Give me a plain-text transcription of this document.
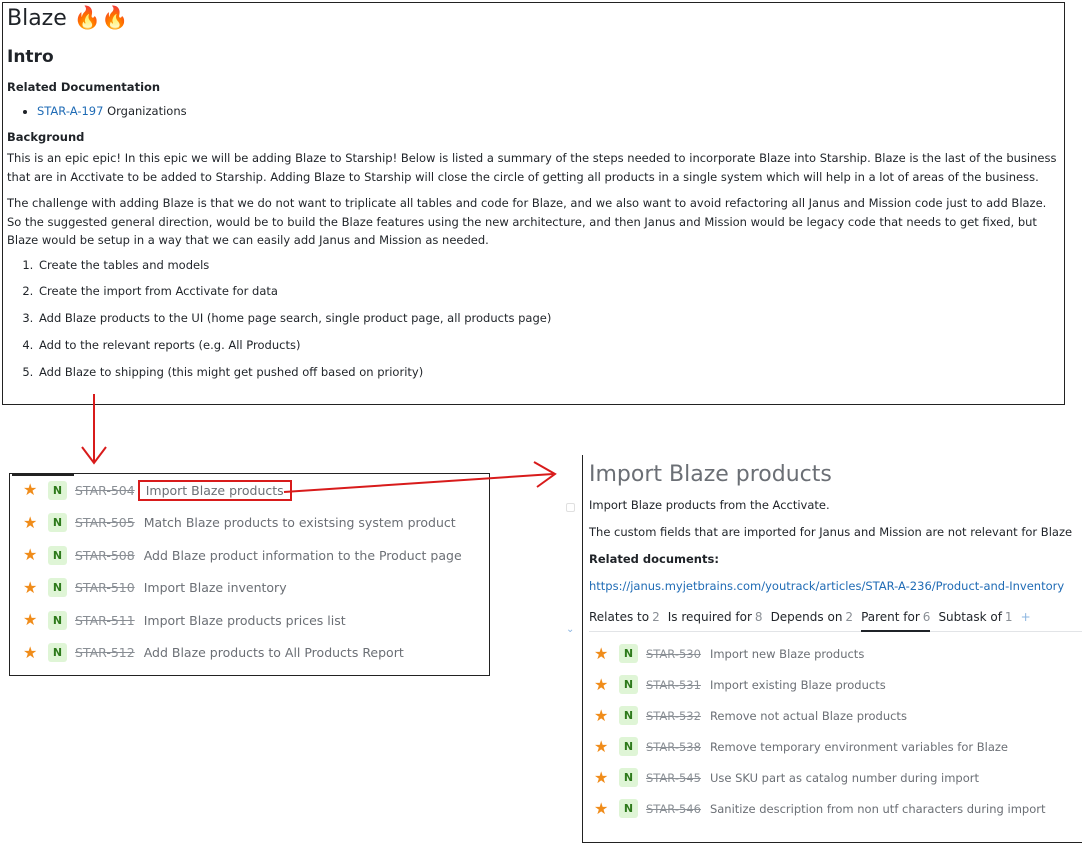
Blaze 🔥🔥
Intro
Related Documentation
• STAR-A-197 Organizations
Background

This is an epic epic! In this epic we will be adding Blaze to Starship! Below is listed a summary of the steps needed to incorporate Blaze into Starship. Blaze is the last of the business that are in Acctivate to be added to Starship. Adding Blaze to Starship will close the circle of getting all products in a single system which will help in a lot of areas of the business.

The challenge with adding Blaze is that we do not want to triplicate all tables and code for Blaze, and we also want to avoid refactoring all Janus and Mission code just to add Blaze. So the suggested general direction, would be to build the Blaze features using the new architecture, and then Janus and Mission would be legacy code that needs to get fixed, but Blaze would be setup in a way that we can easily add Janus and Mission as needed.

1. Create the tables and models
2. Create the import from Acctivate for data
3. Add Blaze products to the UI (home page search, single product page, all products page)
4. Add to the relevant reports (e.g. All Products)
5. Add Blaze to shipping (this might get pushed off based on priority)
★	N	STAR-504 Import Blaze products
★	N	STAR-505 Match Blaze products to existsing system product
★	N	STAR-508 Add Blaze product information to the Product page
★	N	STAR-510 Import Blaze inventory
★	N	STAR-511 Import Blaze products prices list
★	N	STAR-512 Add Blaze products to All Products Report
Import Blaze products
Import Blaze products from the Acctivate.
The custom fields that are imported for Janus and Mission are not relevant for Blaze
Related documents:
https://janus.myjetbrains.com/youtrack/articles/STAR-A-236/Product-and-Inventory
Relates to 2 Is required for 8 Depends on 2 Parent for 6 Subtask of 1 +
★	N	STAR-530 Import new Blaze products
★	N	STAR-531 Import existing Blaze products
★	N	STAR-532 Remove not actual Blaze products
★	N	STAR-538 Remove temporary environment variables for Blaze
★	N	STAR-545 Use SKU part as catalog number during import
★	N	STAR-546 Sanitize description from non utf characters during import
⌄
